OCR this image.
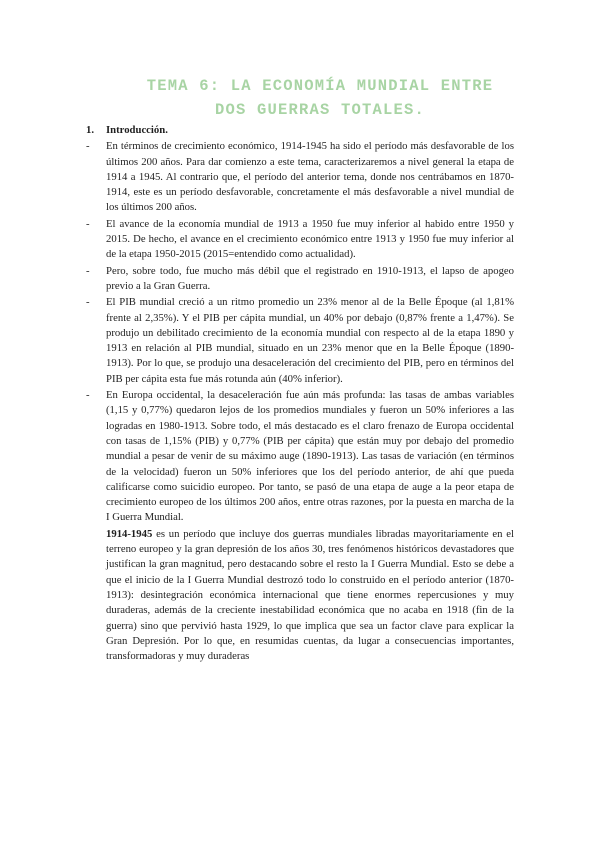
TEMA 6: LA ECONOMÍA MUNDIAL ENTRE
DOS GUERRAS TOTALES.
1. Introducción.
- En términos de crecimiento económico, 1914-1945 ha sido el período más desfavorable de los últimos 200 años. Para dar comienzo a este tema, caracterizaremos a nivel general la etapa de 1914 a 1945. Al contrario que, el período del anterior tema, donde nos centrábamos en 1870-1914, este es un período desfavorable, concretamente el más desfavorable a nivel mundial de los últimos 200 años.
- El avance de la economía mundial de 1913 a 1950 fue muy inferior al habido entre 1950 y 2015. De hecho, el avance en el crecimiento económico entre 1913 y 1950 fue muy inferior al de la etapa 1950-2015 (2015=entendido como actualidad).
- Pero, sobre todo, fue mucho más débil que el registrado en 1910-1913, el lapso de apogeo previo a la Gran Guerra.
- El PIB mundial creció a un ritmo promedio un 23% menor al de la Belle Époque (al 1,81% frente al 2,35%). Y el PIB per cápita mundial, un 40% por debajo (0,87% frente a 1,47%). Se produjo un debilitado crecimiento de la economía mundial con respecto al de la etapa 1890 y 1913 en relación al PIB mundial, situado en un 23% menor que en la Belle Époque (1890-1913). Por lo que, se produjo una desaceleración del crecimiento del PIB, pero en términos del PIB per cápita esta fue más rotunda aún (40% inferior).
- En Europa occidental, la desaceleración fue aún más profunda: las tasas de ambas variables (1,15 y 0,77%) quedaron lejos de los promedios mundiales y fueron un 50% inferiores a las logradas en 1980-1913. Sobre todo, el más destacado es el claro frenazo de Europa occidental con tasas de 1,15% (PIB) y 0,77% (PIB per cápita) que están muy por debajo del promedio mundial a pesar de venir de su máximo auge (1890-1913). Las tasas de variación (en términos de la velocidad) fueron un 50% inferiores que los del período anterior, de ahí que pueda calificarse como suicidio europeo. Por tanto, se pasó de una etapa de auge a la peor etapa de crecimiento europeo de los últimos 200 años, entre otras razones, por la puesta en marcha de la I Guerra Mundial.

1914-1945 es un período que incluye dos guerras mundiales libradas mayoritariamente en el terreno europeo y la gran depresión de los años 30, tres fenómenos históricos devastadores que justifican la gran magnitud, pero destacando sobre el resto la I Guerra Mundial. Esto se debe a que el inicio de la I Guerra Mundial destrozó todo lo construido en el período anterior (1870-1913): desintegración económica internacional que tiene enormes repercusiones y muy duraderas, además de la creciente inestabilidad económica que no acaba en 1918 (fin de la guerra) sino que pervivió hasta 1929, lo que implica que sea un factor clave para explicar la Gran Depresión. Por lo que, en resumidas cuentas, da lugar a consecuencias importantes, transformadoras y muy duraderas
